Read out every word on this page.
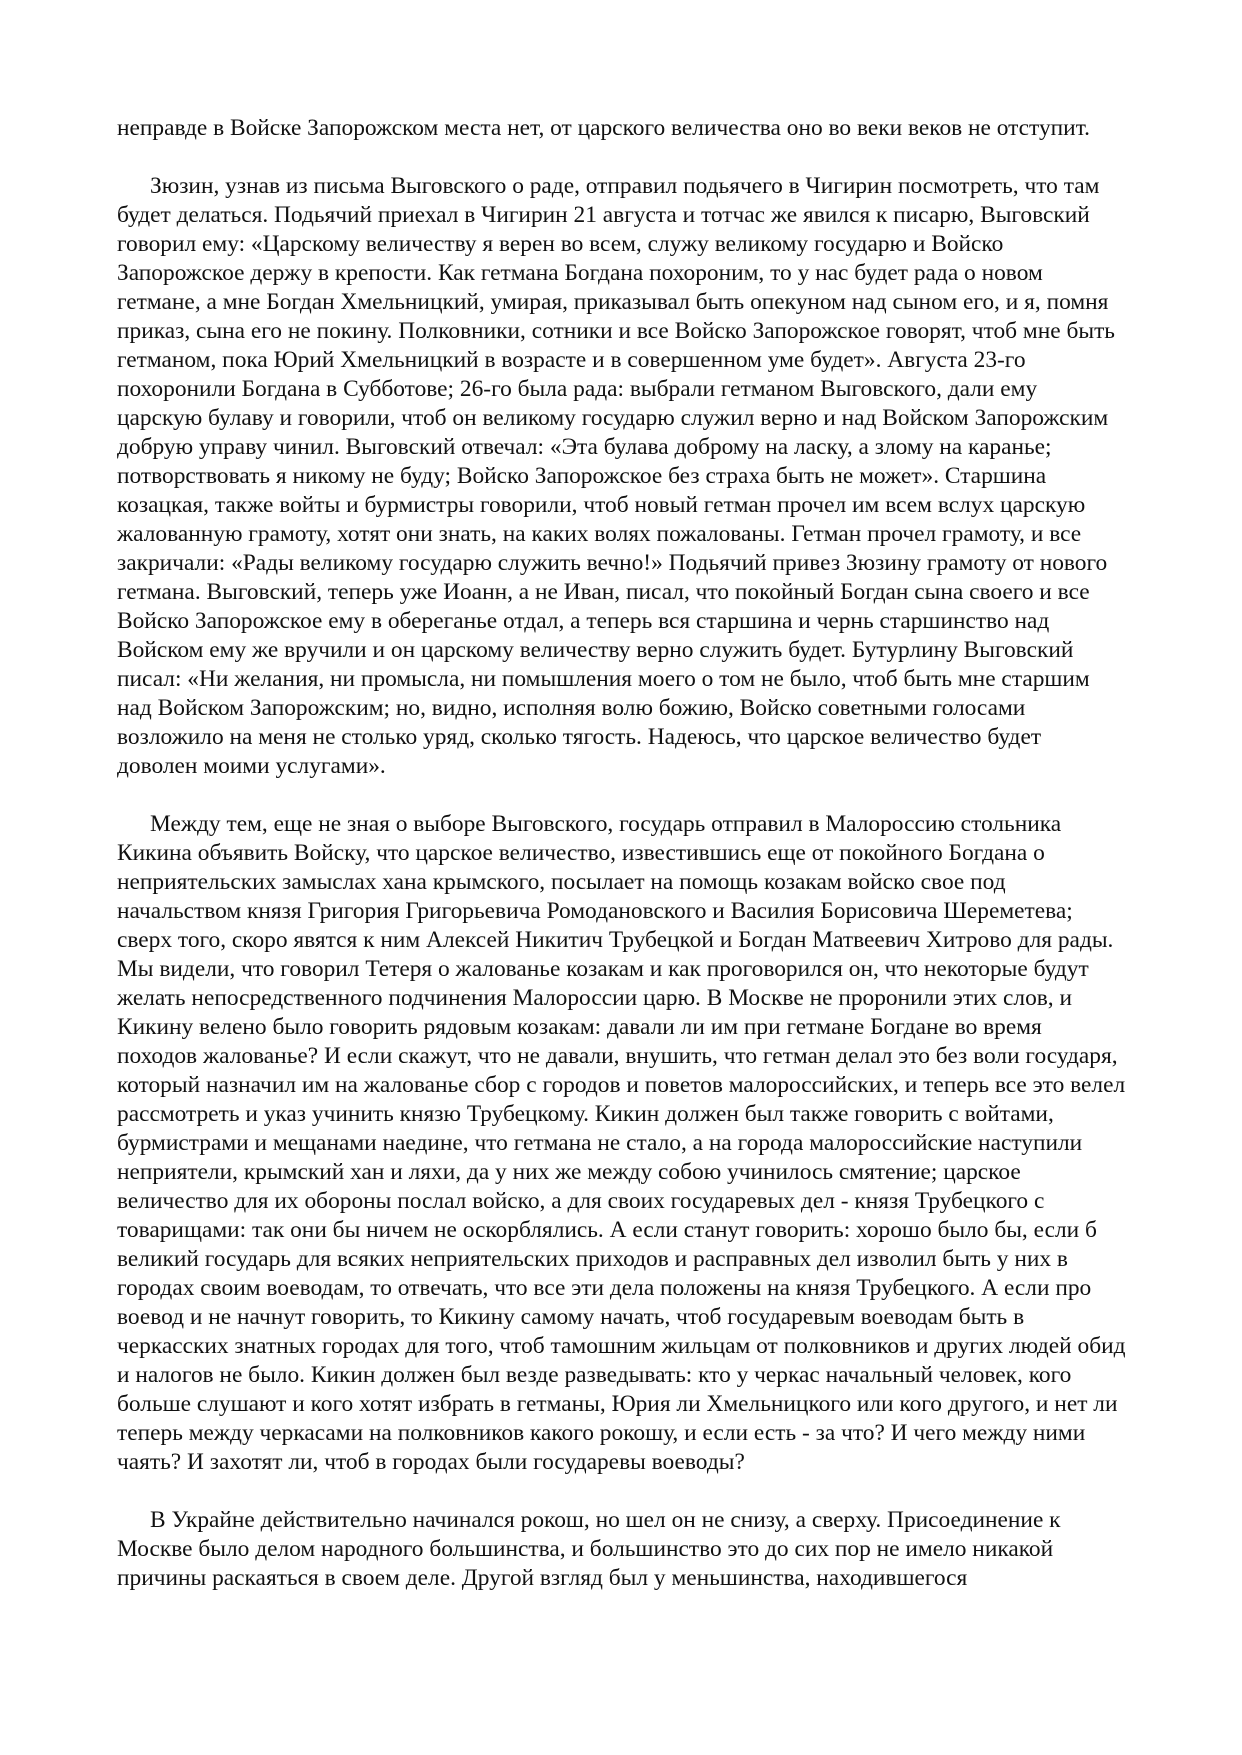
неправде в Войске Запорожском места нет, от царского величества оно во веки веков не отступит.

Зюзин, узнав из письма Выговского о раде, отправил подьячего в Чигирин посмотреть, что там будет делаться. Подьячий приехал в Чигирин 21 августа и тотчас же явился к писарю, Выговский говорил ему: «Царскому величеству я верен во всем, служу великому государю и Войско Запорожское держу в крепости. Как гетмана Богдана похороним, то у нас будет рада о новом гетмане, а мне Богдан Хмельницкий, умирая, приказывал быть опекуном над сыном его, и я, помня приказ, сына его не покину. Полковники, сотники и все Войско Запорожское говорят, чтоб мне быть гетманом, пока Юрий Хмельницкий в возрасте и в совершенном уме будет». Августа 23-го похоронили Богдана в Субботове; 26-го была рада: выбрали гетманом Выговского, дали ему царскую булаву и говорили, чтоб он великому государю служил верно и над Войском Запорожским добрую управу чинил. Выговский отвечал: «Эта булава доброму на ласку, а злому на каранье; потворствовать я никому не буду; Войско Запорожское без страха быть не может». Старшина козацкая, также войты и бурмистры говорили, чтоб новый гетман прочел им всем вслух царскую жалованную грамоту, хотят они знать, на каких волях пожалованы. Гетман прочел грамоту, и все закричали: «Рады великому государю служить вечно!» Подьячий привез Зюзину грамоту от нового гетмана. Выговский, теперь уже Иоанн, а не Иван, писал, что покойный Богдан сына своего и все Войско Запорожское ему в обереганье отдал, а теперь вся старшина и чернь старшинство над Войском ему же вручили и он царскому величеству верно служить будет. Бутурлину Выговский писал: «Ни желания, ни промысла, ни помышления моего о том не было, чтоб быть мне старшим над Войском Запорожским; но, видно, исполняя волю божию, Войско советными голосами возложило на меня не столько уряд, сколько тягость. Надеюсь, что царское величество будет доволен моими услугами».

Между тем, еще не зная о выборе Выговского, государь отправил в Малороссию стольника Кикина объявить Войску, что царское величество, известившись еще от покойного Богдана о неприятельских замыслах хана крымского, посылает на помощь козакам войско свое под начальством князя Григория Григорьевича Ромодановского и Василия Борисовича Шереметева; сверх того, скоро явятся к ним Алексей Никитич Трубецкой и Богдан Матвеевич Хитрово для рады. Мы видели, что говорил Тетеря о жалованье козакам и как проговорился он, что некоторые будут желать непосредственного подчинения Малороссии царю. В Москве не проронили этих слов, и Кикину велено было говорить рядовым козакам: давали ли им при гетмане Богдане во время походов жалованье? И если скажут, что не давали, внушить, что гетман делал это без воли государя, который назначил им на жалованье сбор с городов и поветов малороссийских, и теперь все это велел рассмотреть и указ учинить князю Трубецкому. Кикин должен был также говорить с войтами, бурмистрами и мещанами наедине, что гетмана не стало, а на города малороссийские наступили неприятели, крымский хан и ляхи, да у них же между собою учинилось смятение; царское величество для их обороны послал войско, а для своих государевых дел - князя Трубецкого с товарищами: так они бы ничем не оскорблялись. А если станут говорить: хорошо было бы, если б великий государь для всяких неприятельских приходов и расправных дел изволил быть у них в городах своим воеводам, то отвечать, что все эти дела положены на князя Трубецкого. А если про воевод и не начнут говорить, то Кикину самому начать, чтоб государевым воеводам быть в черкасских знатных городах для того, чтоб тамошним жильцам от полковников и других людей обид и налогов не было. Кикин должен был везде разведывать: кто у черкас начальный человек, кого больше слушают и кого хотят избрать в гетманы, Юрия ли Хмельницкого или кого другого, и нет ли теперь между черкасами на полковников какого рокошу, и если есть - за что? И чего между ними чаять? И захотят ли, чтоб в городах были государевы воеводы?

В Украйне действительно начинался рокош, но шел он не снизу, а сверху. Присоединение к Москве было делом народного большинства, и большинство это до сих пор не имело никакой причины раскаяться в своем деле. Другой взгляд был у меньшинства, находившегося
